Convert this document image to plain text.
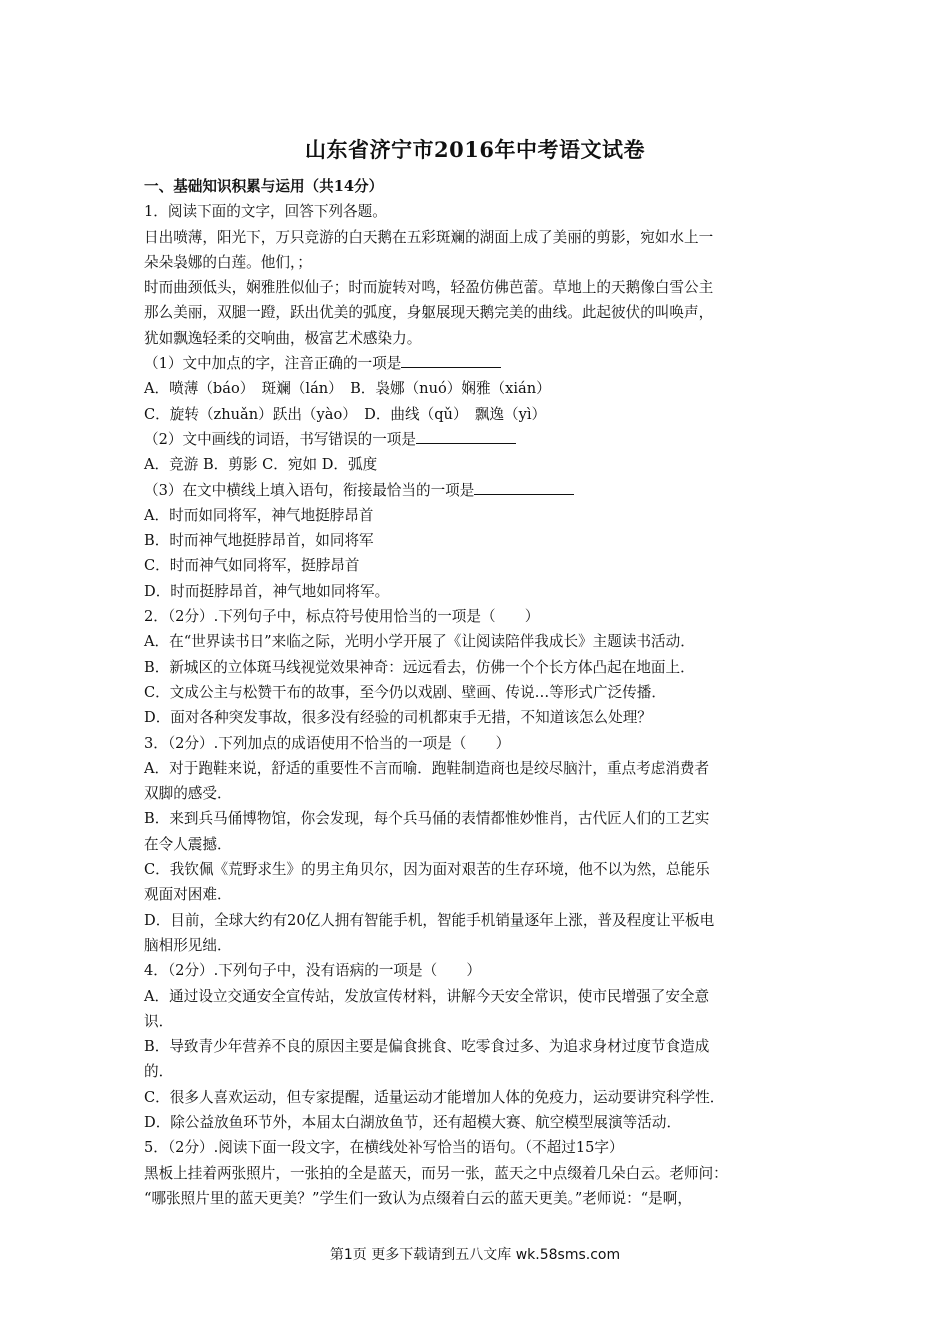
山东省济宁市2016年中考语文试卷

一、基础知识积累与运用（共14分）

1．阅读下面的文字，回答下列各题。

日出喷薄，阳光下，万只竞游的白天鹅在五彩斑斓的湖面上成了美丽的剪影，宛如水上一

朵朵袅娜的白莲。他们，；

时而曲颈低头，娴雅胜似仙子；时而旋转对鸣，轻盈仿佛芭蕾。草地上的天鹅像白雪公主

那么美丽，双腿一蹬，跃出优美的弧度，身躯展现天鹅完美的曲线。此起彼伏的叫唤声，

犹如飘逸轻柔的交响曲，极富艺术感染力。

（1）文中加点的字，注音正确的一项是

A．喷薄（báo）　斑斓（lán）　B．袅娜（nuó）娴雅（xián）

C．旋转（zhuǎn）跃出（yào）　D．曲线（qǔ）　飘逸（yì）

（2）文中画线的词语，书写错误的一项是

A．竞游 B．剪影 C．宛如 D．弧度

（3）在文中横线上填入语句，衔接最恰当的一项是

A．时而如同将军，神气地挺脖昂首

B．时而神气地挺脖昂首，如同将军

C．时而神气如同将军，挺脖昂首

D．时而挺脖昂首，神气地如同将军。

2．（2分）.下列句子中，标点符号使用恰当的一项是（　　）

A．在“世界读书日”来临之际，光明小学开展了《让阅读陪伴我成长》主题读书活动．

B．新城区的立体斑马线视觉效果神奇：远远看去，仿佛一个个长方体凸起在地面上．

C．文成公主与松赞干布的故事，至今仍以戏剧、壁画、传说…等形式广泛传播．

D．面对各种突发事故，很多没有经验的司机都束手无措，不知道该怎么处理？

3．（2分）.下列加点的成语使用不恰当的一项是（　　）

A．对于跑鞋来说，舒适的重要性不言而喻．跑鞋制造商也是绞尽脑汁，重点考虑消费者

双脚的感受．

B．来到兵马俑博物馆，你会发现，每个兵马俑的表情都惟妙惟肖，古代匠人们的工艺实

在令人震撼．

C．我钦佩《荒野求生》的男主角贝尔，因为面对艰苦的生存环境，他不以为然，总能乐

观面对困难．

D．目前，全球大约有20亿人拥有智能手机，智能手机销量逐年上涨，普及程度让平板电

脑相形见绌．

4．（2分）.下列句子中，没有语病的一项是（　　）

A．通过设立交通安全宣传站，发放宣传材料，讲解今天安全常识，使市民增强了安全意

识．

B．导致青少年营养不良的原因主要是偏食挑食、吃零食过多、为追求身材过度节食造成

的．

C．很多人喜欢运动，但专家提醒，适量运动才能增加人体的免疫力，运动要讲究科学性．

D．除公益放鱼环节外，本届太白湖放鱼节，还有超模大赛、航空模型展演等活动．

5．（2分）.阅读下面一段文字，在横线处补写恰当的语句。（不超过15字）

黑板上挂着两张照片，一张拍的全是蓝天，而另一张，蓝天之中点缀着几朵白云。老师问：

“哪张照片里的蓝天更美？”学生们一致认为点缀着白云的蓝天更美。”老师说：“是啊，

第1页 更多下载请到五八文库 wk.58sms.com
